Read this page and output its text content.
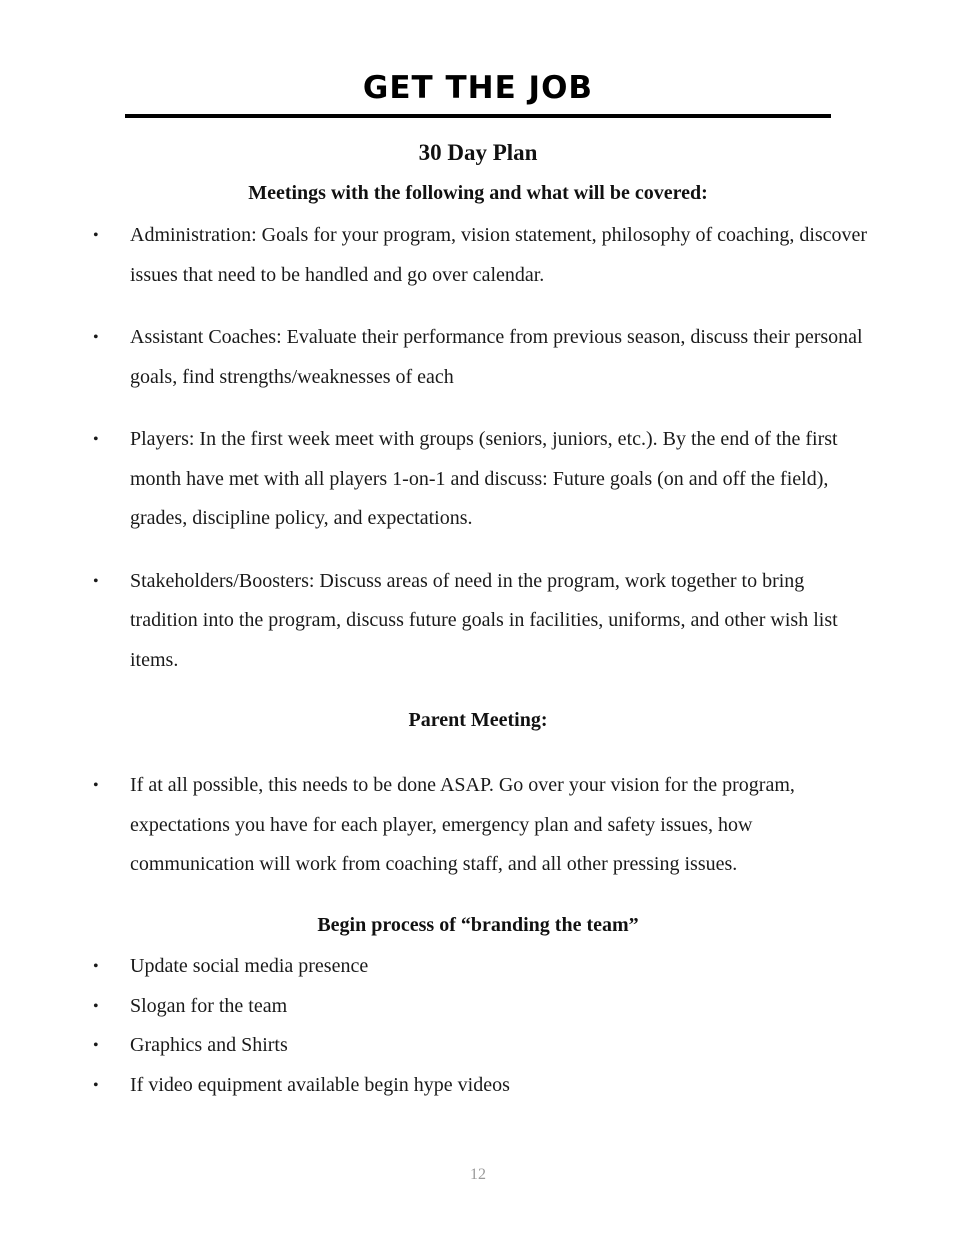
GET THE JOB
30 Day Plan
Meetings with the following and what will be covered:
• Administration: Goals for your program, vision statement, philosophy of coaching, discover issues that need to be handled and go over calendar.
• Assistant Coaches: Evaluate their performance from previous season, discuss their personal goals, find strengths/weaknesses of each
• Players: In the first week meet with groups (seniors, juniors, etc.). By the end of the first month have met with all players 1-on-1 and discuss: Future goals (on and off the field), grades, discipline policy, and expectations.
• Stakeholders/Boosters: Discuss areas of need in the program, work together to bring tradition into the program, discuss future goals in facilities, uniforms, and other wish list items.
Parent Meeting:
• If at all possible, this needs to be done ASAP. Go over your vision for the program, expectations you have for each player, emergency plan and safety issues, how communication will work from coaching staff, and all other pressing issues.
Begin process of “branding the team”
• Update social media presence
• Slogan for the team
• Graphics and Shirts
• If video equipment available begin hype videos

12
